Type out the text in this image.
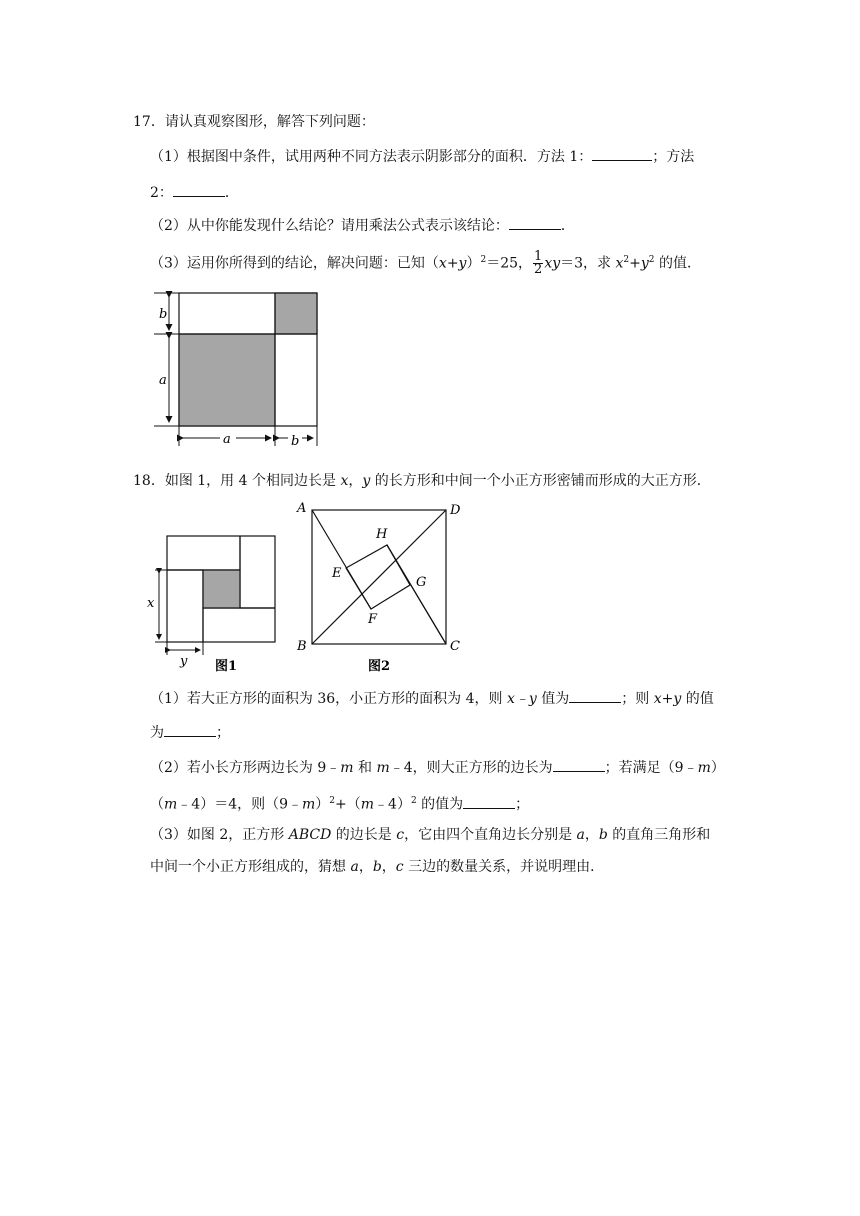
17．请认真观察图形，解答下列问题：
（1）根据图中条件，试用两种不同方法表示阴影部分的面积．方法 1：	；方法
2：	．
（2）从中你能发现什么结论？请用乘法公式表示该结论：	．
（3）运用你所得到的结论，解决问题：已知$(x+y)^2=25$， $\frac{1}{2} xy=3$，求 $x^2+y^2$ 的值．
b
a
a	b
18．如图 1，用 4 个相同边长是 x，y 的长方形和中间一个小正方形密铺而形成的大正方形．
x
y 图1
A
B	C
D
E
F
G
H
图2
（1）若大正方形的面积为 36，小正方形的面积为 4，则 x﹣y 值为	；则 x+y 的值
为	；
（2）若小长方形两边长为 9﹣m 和 m﹣4，则大正方形的边长为	；若满足（9﹣m）
（m﹣4）＝4，则（9﹣m）$^2$+（m﹣4）$^2$ 的值为	；
（3）如图 2，正方形 ABCD 的边长是 c，它由四个直角边长分别是 a，b 的直角三角形和
中间一个小正方形组成的，猜想 a，b，c 三边的数量关系，并说明理由．
